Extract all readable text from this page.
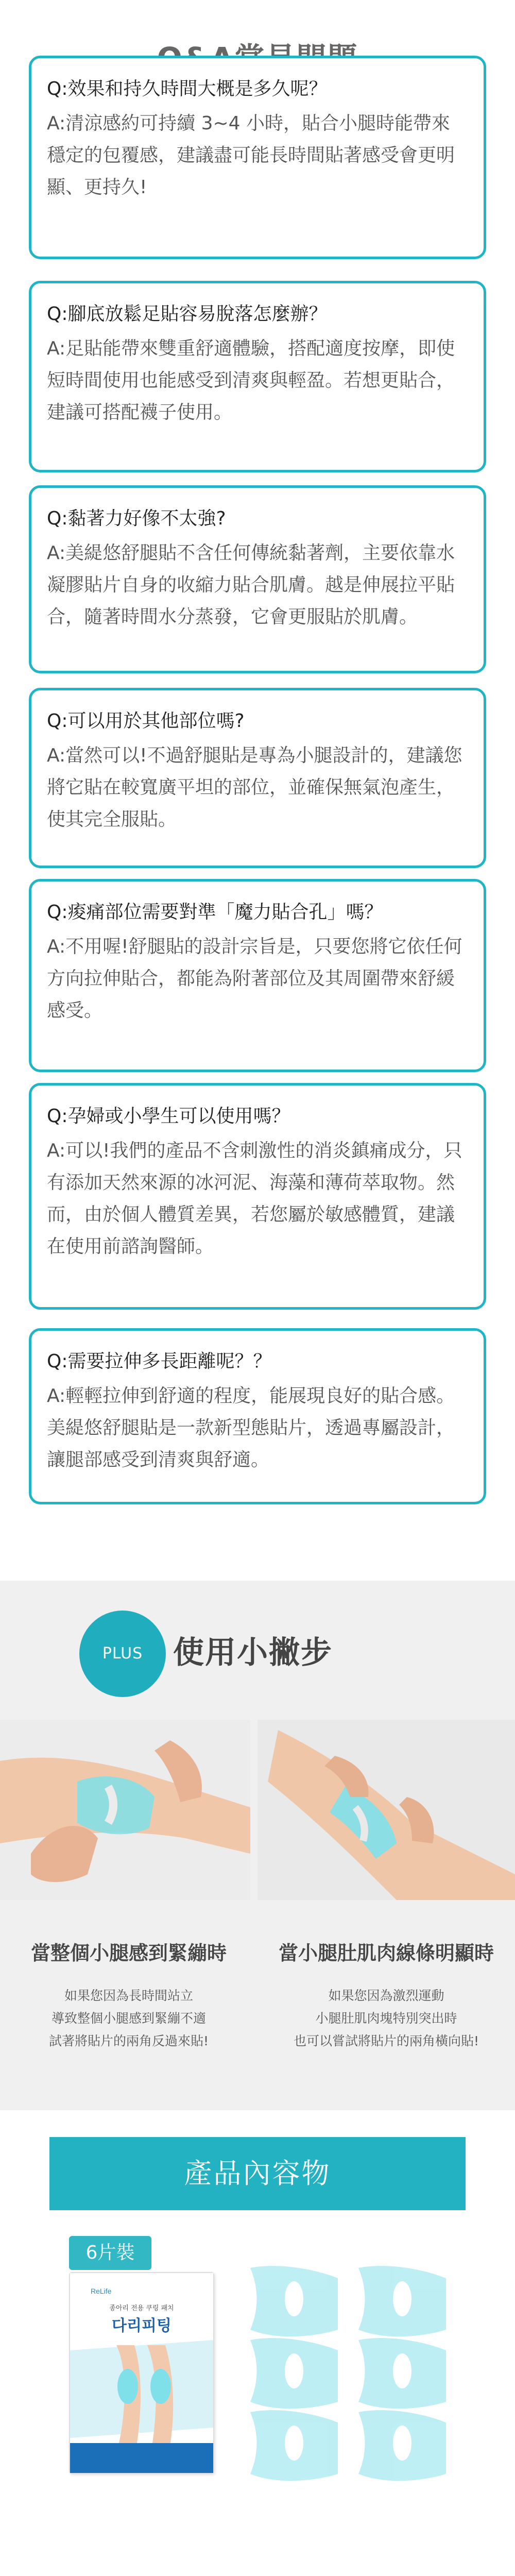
Q:效果和持久時間大概是多久呢？
A:清涼感約可持續 3~4 小時，貼合小腿時能帶來穩定的包覆感，建議盡可能長時間貼著感受會更明顯、更持久!
Q:腳底放鬆足貼容易脫落怎麼辦？
A:足貼能帶來雙重舒適體驗，搭配適度按摩，即使短時間使用也能感受到清爽與輕盈。若想更貼合，建議可搭配襪子使用。
Q:黏著力好像不太強?
A:美緹悠舒腿貼不含任何傳統黏著劑，主要依靠水凝膠貼片自身的收縮力貼合肌膚。越是伸展拉平貼合，隨著時間水分蒸發，它會更服貼於肌膚。
Q:可以用於其他部位嗎?
A:當然可以!不過舒腿貼是專為小腿設計的，建議您將它貼在較寬廣平坦的部位，並確保無氣泡產生，使其完全服貼。
Q:痠痛部位需要對準「魔力貼合孔」嗎？
A:不用喔!舒腿貼的設計宗旨是，只要您將它依任何方向拉伸貼合，都能為附著部位及其周圍帶來舒緩感受。
Q:孕婦或小學生可以使用嗎？
A:可以!我們的產品不含刺激性的消炎鎮痛成分，只有添加天然來源的冰河泥、海藻和薄荷萃取物。然而，由於個人體質差異，若您屬於敏感體質，建議在使用前諮詢醫師。
Q:需要拉伸多長距離呢？？
A:輕輕拉伸到舒適的程度，能展現良好的貼合感。美緹悠舒腿貼是一款新型態貼片，透過專屬設計，讓腿部感受到清爽與舒適。
PLUS 使用小撇步
當整個小腿感到緊繃時
如果您因為長時間站立
導致整個小腿感到緊繃不適
試著將貼片的兩角反過來貼!
當小腿肚肌肉線條明顯時
如果您因為激烈運動
小腿肚肌肉塊特別突出時
也可以嘗試將貼片的兩角橫向貼!
產品內容物
6片裝
ReLife
종아리 전용 쿠링 패치
다리피팅
